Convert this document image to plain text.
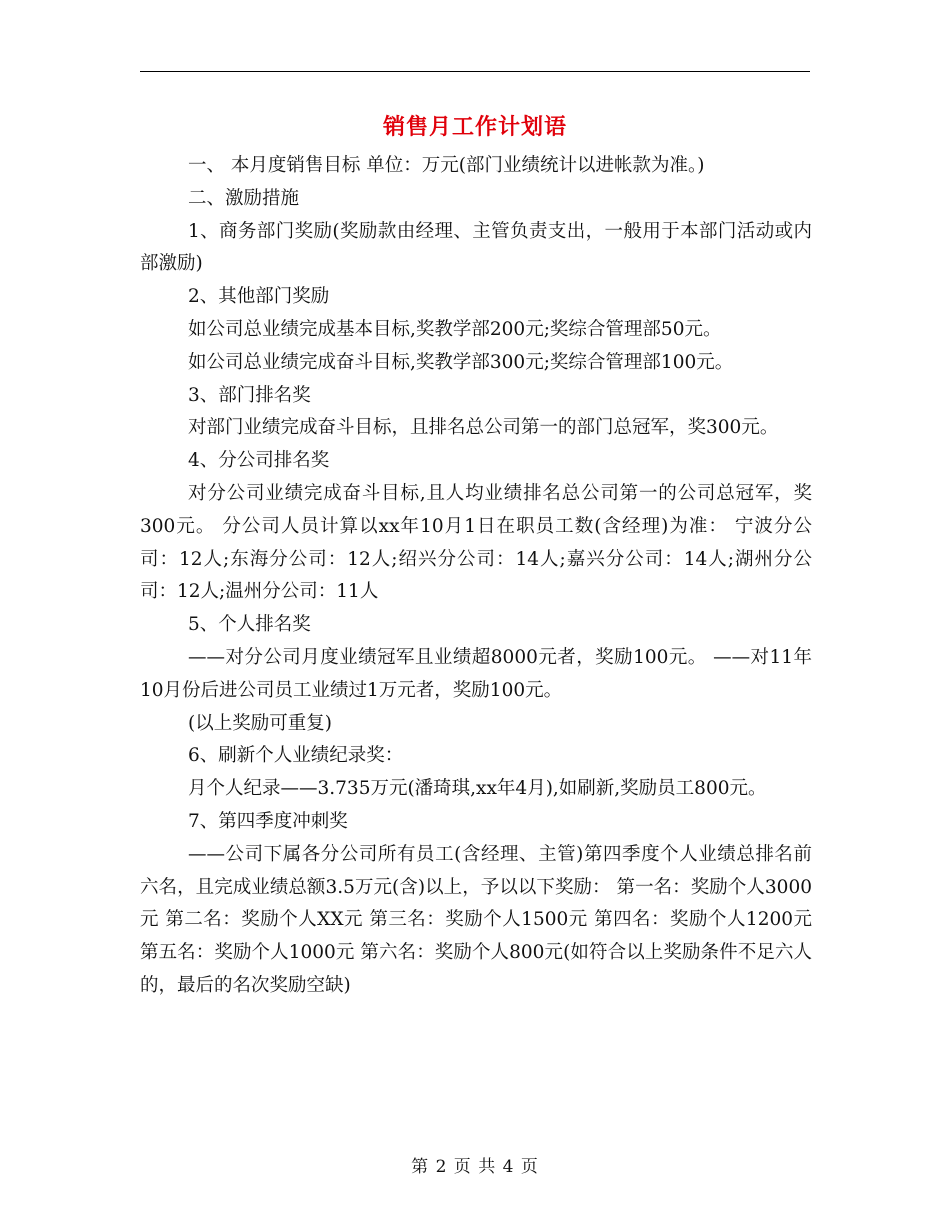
销售月工作计划语

一、 本月度销售目标 单位：万元(部门业绩统计以进帐款为准。)

二、激励措施

1、商务部门奖励(奖励款由经理、主管负责支出，一般用于本部门活动或内部激励)

2、其他部门奖励

如公司总业绩完成基本目标,奖教学部200元;奖综合管理部50元。

如公司总业绩完成奋斗目标,奖教学部300元;奖综合管理部100元。

3、部门排名奖

对部门业绩完成奋斗目标，且排名总公司第一的部门总冠军，奖300元。

4、分公司排名奖

对分公司业绩完成奋斗目标,且人均业绩排名总公司第一的公司总冠军，奖300元。 分公司人员计算以xx年10月1日在职员工数(含经理)为准： 宁波分公司：12人;东海分公司：12人;绍兴分公司：14人;嘉兴分公司：14人;湖州分公司：12人;温州分公司：11人

5、个人排名奖

——对分公司月度业绩冠军且业绩超8000元者，奖励100元。 ——对11年10月份后进公司员工业绩过1万元者，奖励100元。

(以上奖励可重复)

6、刷新个人业绩纪录奖：

月个人纪录——3.735万元(潘琦琪,xx年4月),如刷新,奖励员工800元。

7、第四季度冲刺奖

——公司下属各分公司所有员工(含经理、主管)第四季度个人业绩总排名前六名，且完成业绩总额3.5万元(含)以上，予以以下奖励： 第一名：奖励个人3000元 第二名：奖励个人XX元 第三名：奖励个人1500元 第四名：奖励个人1200元 第五名：奖励个人1000元 第六名：奖励个人800元(如符合以上奖励条件不足六人的，最后的名次奖励空缺)

第 2 页 共 4 页
